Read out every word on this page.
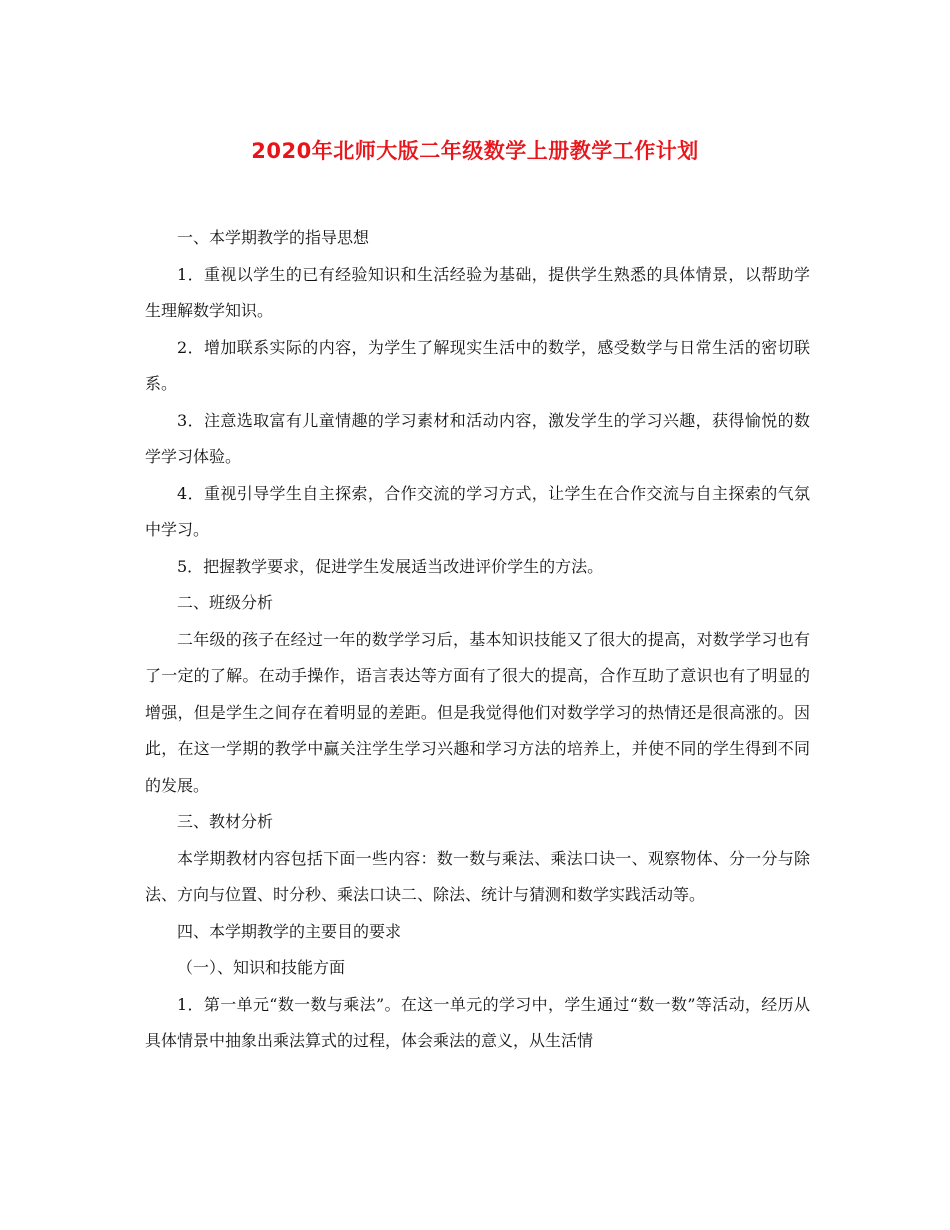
2020年北师大版二年级数学上册教学工作计划

一、本学期教学的指导思想

1．重视以学生的已有经验知识和生活经验为基础，提供学生熟悉的具体情景，以帮助学生理解数学知识。

2．增加联系实际的内容，为学生了解现实生活中的数学，感受数学与日常生活的密切联系。

3．注意选取富有儿童情趣的学习素材和活动内容，激发学生的学习兴趣，获得愉悦的数学学习体验。

4．重视引导学生自主探索，合作交流的学习方式，让学生在合作交流与自主探索的气氛中学习。

5．把握教学要求，促进学生发展适当改进评价学生的方法。

二、班级分析

二年级的孩子在经过一年的数学学习后，基本知识技能又了很大的提高，对数学学习也有了一定的了解。在动手操作，语言表达等方面有了很大的提高，合作互助了意识也有了明显的增强，但是学生之间存在着明显的差距。但是我觉得他们对数学学习的热情还是很高涨的。因此，在这一学期的教学中赢关注学生学习兴趣和学习方法的培养上，并使不同的学生得到不同的发展。

三、教材分析

本学期教材内容包括下面一些内容：数一数与乘法、乘法口诀一、观察物体、分一分与除法、方向与位置、时分秒、乘法口诀二、除法、统计与猜测和数学实践活动等。

四、本学期教学的主要目的要求

（一）、知识和技能方面

1．第一单元“数一数与乘法”。在这一单元的学习中，学生通过“数一数”等活动，经历从具体情景中抽象出乘法算式的过程，体会乘法的意义，从生活情
